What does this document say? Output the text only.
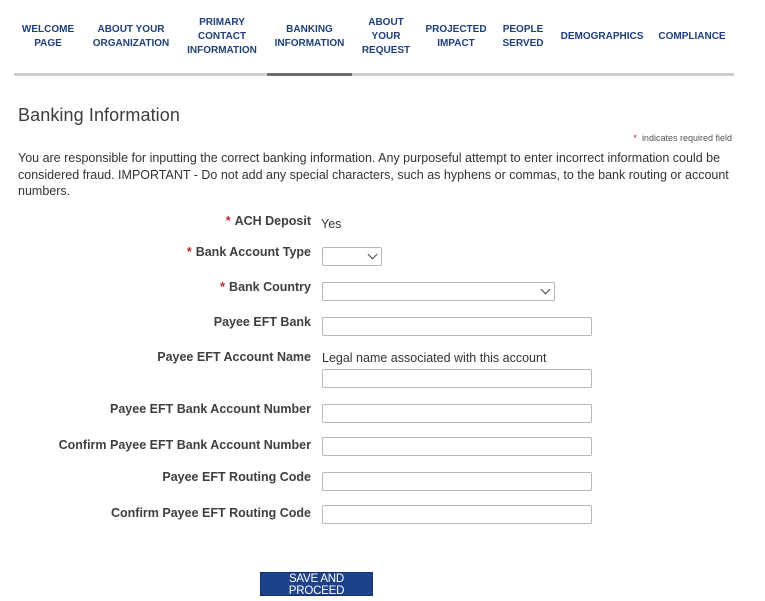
WELCOME
PAGE
ABOUT YOUR
ORGANIZATION
PRIMARY
CONTACT
INFORMATION
BANKING
INFORMATION
ABOUT
YOUR
REQUEST
PROJECTED
IMPACT
PEOPLE
SERVED
DEMOGRAPHICS COMPLIANCE
Banking Information
* indicates required field

You are responsible for inputting the correct banking information. Any purposeful attempt to enter incorrect information could be considered fraud. IMPORTANT - Do not add any special characters, such as hyphens or commas, to the bank routing or account numbers.

* ACH Deposit Yes
* Bank Account Type
* Bank Country
Payee EFT Bank
Payee EFT Account Name Legal name associated with this account
Payee EFT Bank Account Number
Confirm Payee EFT Bank Account Number
Payee EFT Routing Code
Confirm Payee EFT Routing Code
SAVE AND PROCEED
